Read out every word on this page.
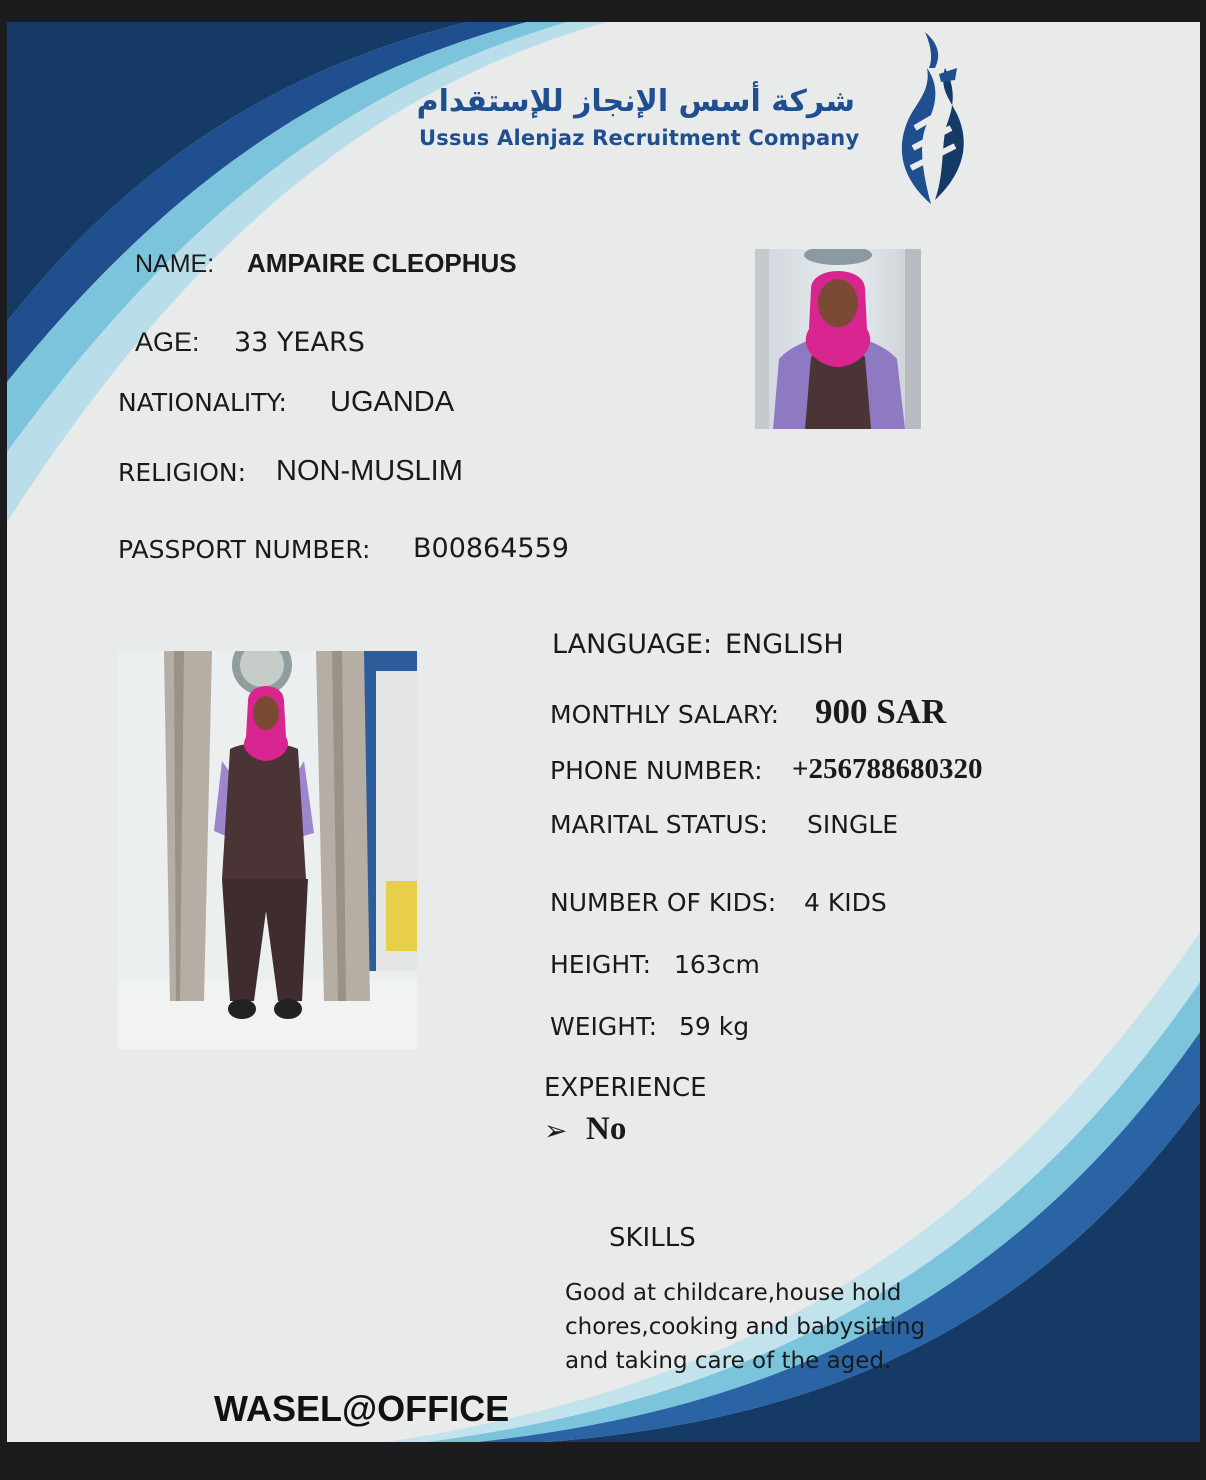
شركة أسس الإنجاز للإستقدام
Ussus Alenjaz Recruitment Company
NAME: AMPAIRE CLEOPHUS
AGE: 33 YEARS
NATIONALITY: UGANDA
RELIGION: NON-MUSLIM
PASSPORT NUMBER: B00864559
LANGUAGE: ENGLISH
MONTHLY SALARY: 900 SAR
PHONE NUMBER: +256788680320
MARITAL STATUS: SINGLE
NUMBER OF KIDS: 4 KIDS
HEIGHT: 163cm
WEIGHT: 59 kg
EXPERIENCE
➢ No
SKILLS
Good at childcare,house hold chores,cooking and babysitting and taking care of the aged.
WASEL@OFFICE
